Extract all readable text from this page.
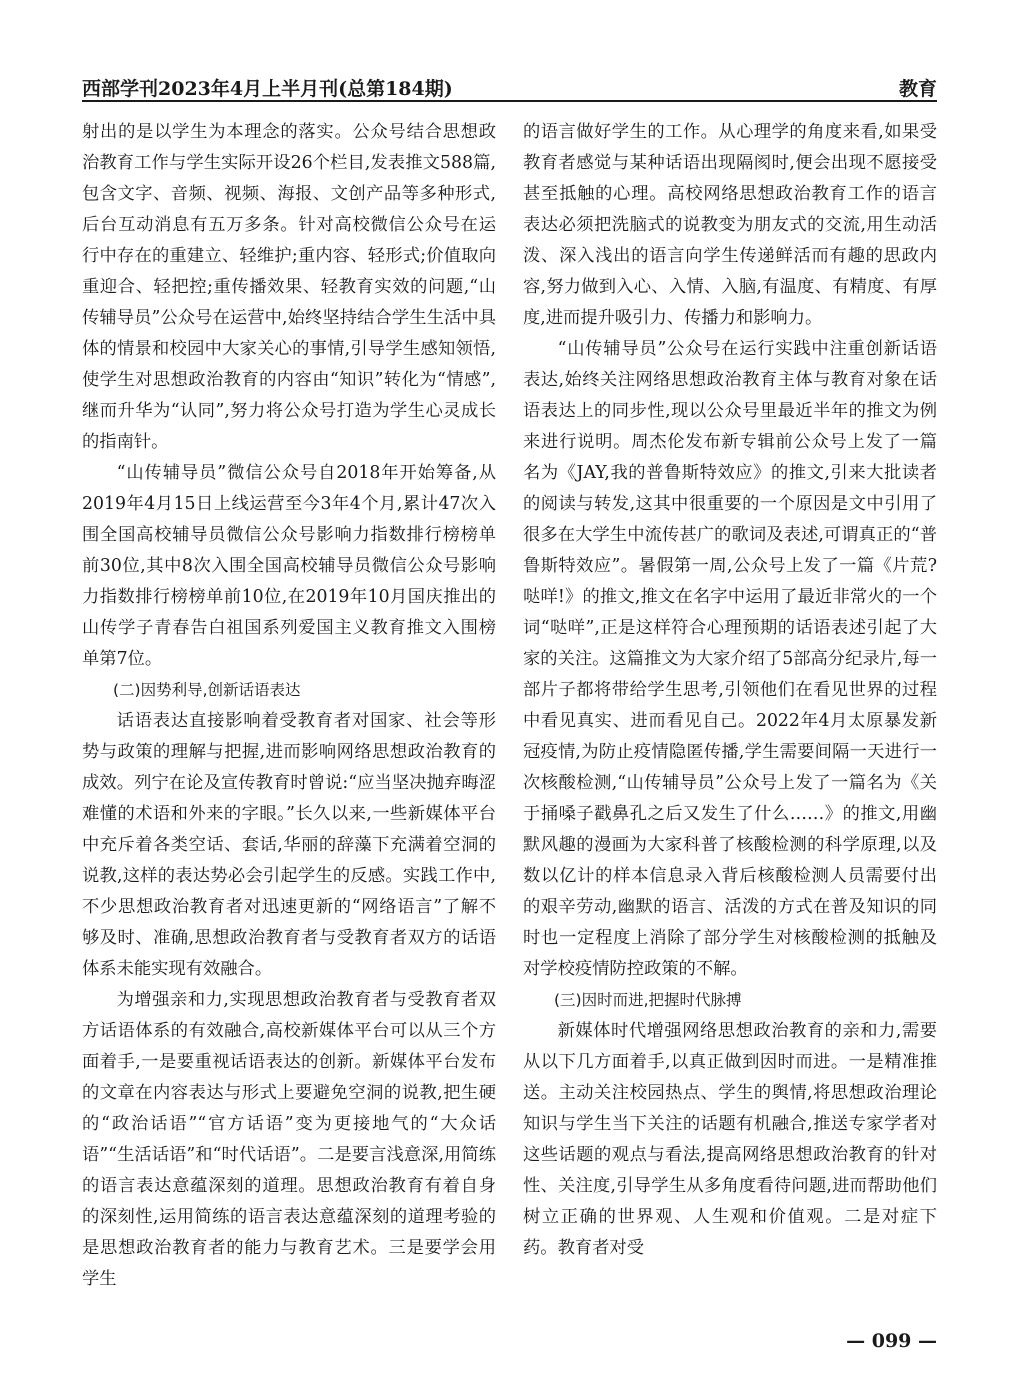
西部学刊2023年4月上半月刊(总第184期)	教育

射出的是以学生为本理念的落实。公众号结合思想政治教育工作与学生实际开设26个栏目,发表推文588篇,包含文字、音频、视频、海报、文创产品等多种形式,后台互动消息有五万多条。针对高校微信公众号在运行中存在的重建立、轻维护;重内容、轻形式;价值取向重迎合、轻把控;重传播效果、轻教育实效的问题,“山传辅导员”公众号在运营中,始终坚持结合学生生活中具体的情景和校园中大家关心的事情,引导学生感知领悟,使学生对思想政治教育的内容由“知识”转化为“情感”,继而升华为“认同”,努力将公众号打造为学生心灵成长的指南针。

“山传辅导员”微信公众号自2018年开始筹备,从2019年4月15日上线运营至今3年4个月,累计47次入围全国高校辅导员微信公众号影响力指数排行榜榜单前30位,其中8次入围全国高校辅导员微信公众号影响力指数排行榜榜单前10位,在2019年10月国庆推出的山传学子青春告白祖国系列爱国主义教育推文入围榜单第7位。

(二)因势利导,创新话语表达

话语表达直接影响着受教育者对国家、社会等形势与政策的理解与把握,进而影响网络思想政治教育的成效。列宁在论及宣传教育时曾说:“应当坚决抛弃晦涩难懂的术语和外来的字眼。”长久以来,一些新媒体平台中充斥着各类空话、套话,华丽的辞藻下充满着空洞的说教,这样的表达势必会引起学生的反感。实践工作中,不少思想政治教育者对迅速更新的“网络语言”了解不够及时、准确,思想政治教育者与受教育者双方的话语体系未能实现有效融合。

为增强亲和力,实现思想政治教育者与受教育者双方话语体系的有效融合,高校新媒体平台可以从三个方面着手,一是要重视话语表达的创新。新媒体平台发布的文章在内容表达与形式上要避免空洞的说教,把生硬的“政治话语”“官方话语”变为更接地气的“大众话语”“生活话语”和“时代话语”。二是要言浅意深,用简练的语言表达意蕴深刻的道理。思想政治教育有着自身的深刻性,运用简练的语言表达意蕴深刻的道理考验的是思想政治教育者的能力与教育艺术。三是要学会用学生

的语言做好学生的工作。从心理学的角度来看,如果受教育者感觉与某种话语出现隔阂时,便会出现不愿接受甚至抵触的心理。高校网络思想政治教育工作的语言表达必须把洗脑式的说教变为朋友式的交流,用生动活泼、深入浅出的语言向学生传递鲜活而有趣的思政内容,努力做到入心、入情、入脑,有温度、有精度、有厚度,进而提升吸引力、传播力和影响力。

“山传辅导员”公众号在运行实践中注重创新话语表达,始终关注网络思想政治教育主体与教育对象在话语表达上的同步性,现以公众号里最近半年的推文为例来进行说明。周杰伦发布新专辑前公众号上发了一篇名为《JAY,我的普鲁斯特效应》的推文,引来大批读者的阅读与转发,这其中很重要的一个原因是文中引用了很多在大学生中流传甚广的歌词及表述,可谓真正的“普鲁斯特效应”。暑假第一周,公众号上发了一篇《片荒? 哒咩!》的推文,推文在名字中运用了最近非常火的一个词“哒咩”,正是这样符合心理预期的话语表述引起了大家的关注。这篇推文为大家介绍了5部高分纪录片,每一部片子都将带给学生思考,引领他们在看见世界的过程中看见真实、进而看见自己。2022年4月太原暴发新冠疫情,为防止疫情隐匿传播,学生需要间隔一天进行一次核酸检测,“山传辅导员”公众号上发了一篇名为《关于捅嗓子戳鼻孔之后又发生了什么……》的推文,用幽默风趣的漫画为大家科普了核酸检测的科学原理,以及数以亿计的样本信息录入背后核酸检测人员需要付出的艰辛劳动,幽默的语言、活泼的方式在普及知识的同时也一定程度上消除了部分学生对核酸检测的抵触及对学校疫情防控政策的不解。

(三)因时而进,把握时代脉搏

新媒体时代增强网络思想政治教育的亲和力,需要从以下几方面着手,以真正做到因时而进。一是精准推送。主动关注校园热点、学生的舆情,将思想政治理论知识与学生当下关注的话题有机融合,推送专家学者对这些话题的观点与看法,提高网络思想政治教育的针对性、关注度,引导学生从多角度看待问题,进而帮助他们树立正确的世界观、人生观和价值观。二是对症下药。教育者对受

— 099 —
